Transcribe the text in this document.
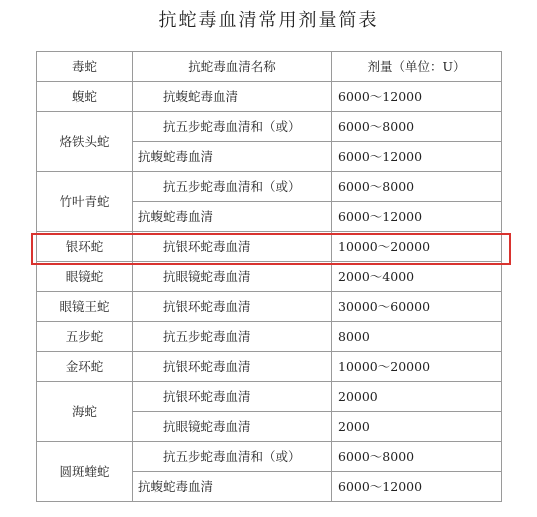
抗蛇毒血清常用剂量简表
毒蛇	抗蛇毒血清名称	剂量（单位：U）
蝮蛇	抗蝮蛇毒血清	6000～12000
烙铁头蛇	抗五步蛇毒血清和（或）	6000～8000
	抗蝮蛇毒血清	6000～12000
竹叶青蛇	抗五步蛇毒血清和（或）	6000～8000
	抗蝮蛇毒血清	6000～12000
银环蛇	抗银环蛇毒血清	10000～20000
眼镜蛇	抗眼镜蛇毒血清	2000～4000
眼镜王蛇	抗银环蛇毒血清	30000～60000
五步蛇	抗五步蛇毒血清	8000
金环蛇	抗银环蛇毒血清	10000～20000
海蛇	抗银环蛇毒血清	20000
	抗眼镜蛇毒血清	2000
圆斑蝰蛇	抗五步蛇毒血清和（或）	6000～8000
	抗蝮蛇毒血清	6000～12000
